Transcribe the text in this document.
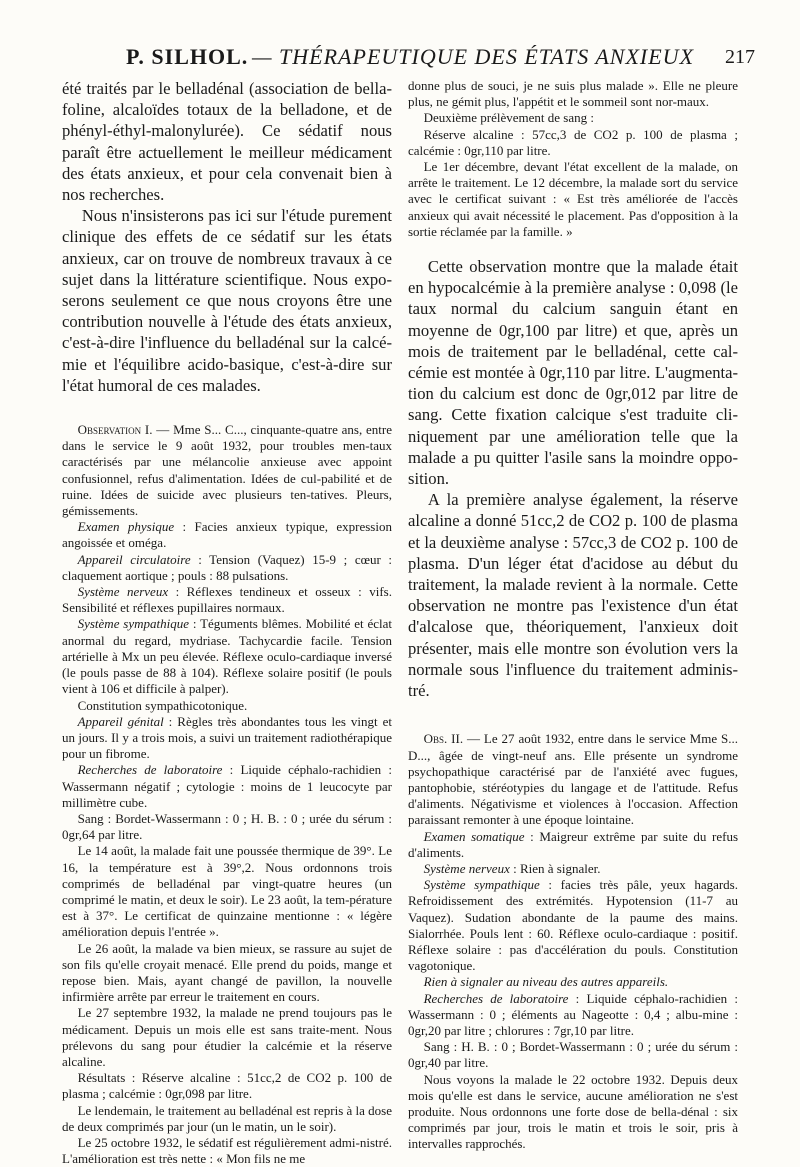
P. SILHOL. — THÉRAPEUTIQUE DES ÉTATS ANXIEUX 217

été traités par le belladénal (association de bella-foline, alcaloïdes totaux de la belladone, et de phényl-éthyl-malonylurée). Ce sédatif nous paraît être actuellement le meilleur médicament des états anxieux, et pour cela convenait bien à nos recherches.

Nous n'insisterons pas ici sur l'étude purement clinique des effets de ce sédatif sur les états anxieux, car on trouve de nombreux travaux à ce sujet dans la littérature scientifique. Nous expo-serons seulement ce que nous croyons être une contribution nouvelle à l'étude des états anxieux, c'est-à-dire l'influence du belladénal sur la calcé-mie et l'équilibre acido-basique, c'est-à-dire sur l'état humoral de ces malades.

Observation I. — Mme S... C..., cinquante-quatre ans, entre dans le service le 9 août 1932, pour troubles men-taux caractérisés par une mélancolie anxieuse avec appoint confusionnel, refus d'alimentation. Idées de cul-pabilité et de ruine. Idées de suicide avec plusieurs ten-tatives. Pleurs, gémissements.

Examen physique : Facies anxieux typique, expression angoissée et oméga.

Appareil circulatoire : Tension (Vaquez) 15-9 ; cœur : claquement aortique ; pouls : 88 pulsations.

Système nerveux : Réflexes tendineux et osseux : vifs. Sensibilité et réflexes pupillaires normaux.

Système sympathique : Téguments blêmes. Mobilité et éclat anormal du regard, mydriase. Tachycardie facile. Tension artérielle à Mx un peu élevée. Réflexe oculo-cardiaque inversé (le pouls passe de 88 à 104). Réflexe solaire positif (le pouls vient à 106 et difficile à palper).

Constitution sympathicotonique.

Appareil génital : Règles très abondantes tous les vingt et un jours. Il y a trois mois, a suivi un traitement radiothérapique pour un fibrome.

Recherches de laboratoire : Liquide céphalo-rachidien : Wassermann négatif ; cytologie : moins de 1 leucocyte par millimètre cube.

Sang : Bordet-Wassermann : 0 ; H. B. : 0 ; urée du sérum : 0gr,64 par litre.

Le 14 août, la malade fait une poussée thermique de 39°. Le 16, la température est à 39°,2. Nous ordonnons trois comprimés de belladénal par vingt-quatre heures (un comprimé le matin, et deux le soir). Le 23 août, la tem-pérature est à 37°. Le certificat de quinzaine mentionne : « légère amélioration depuis l'entrée ».

Le 26 août, la malade va bien mieux, se rassure au sujet de son fils qu'elle croyait menacé. Elle prend du poids, mange et repose bien. Mais, ayant changé de pavillon, la nouvelle infirmière arrête par erreur le traitement en cours.

Le 27 septembre 1932, la malade ne prend toujours pas le médicament. Depuis un mois elle est sans traite-ment. Nous prélevons du sang pour étudier la calcémie et la réserve alcaline.

Résultats : Réserve alcaline : 51cc,2 de CO2 p. 100 de plasma ; calcémie : 0gr,098 par litre.

Le lendemain, le traitement au belladénal est repris à la dose de deux comprimés par jour (un le matin, un le soir).

Le 25 octobre 1932, le sédatif est régulièrement admi-nistré. L'amélioration est très nette : « Mon fils ne me

donne plus de souci, je ne suis plus malade ». Elle ne pleure plus, ne gémit plus, l'appétit et le sommeil sont nor-maux.

Deuxième prélèvement de sang :

Réserve alcaline : 57cc,3 de CO2 p. 100 de plasma ; calcémie : 0gr,110 par litre.

Le 1er décembre, devant l'état excellent de la malade, on arrête le traitement. Le 12 décembre, la malade sort du service avec le certificat suivant : « Est très améliorée de l'accès anxieux qui avait nécessité le placement. Pas d'opposition à la sortie réclamée par la famille. »

Cette observation montre que la malade était en hypocalcémie à la première analyse : 0,098 (le taux normal du calcium sanguin étant en moyenne de 0gr,100 par litre) et que, après un mois de traitement par le belladénal, cette cal-cémie est montée à 0gr,110 par litre. L'augmenta-tion du calcium est donc de 0gr,012 par litre de sang. Cette fixation calcique s'est traduite cli-niquement par une amélioration telle que la malade a pu quitter l'asile sans la moindre oppo-sition.

A la première analyse également, la réserve alcaline a donné 51cc,2 de CO2 p. 100 de plasma et la deuxième analyse : 57cc,3 de CO2 p. 100 de plasma. D'un léger état d'acidose au début du traitement, la malade revient à la normale. Cette observation ne montre pas l'existence d'un état d'alcalose que, théoriquement, l'anxieux doit présenter, mais elle montre son évolution vers la normale sous l'influence du traitement adminis-tré.

Obs. II. — Le 27 août 1932, entre dans le service Mme S... D..., âgée de vingt-neuf ans. Elle présente un syndrome psychopathique caractérisé par de l'anxiété avec fugues, pantophobie, stéréotypies du langage et de l'attitude. Refus d'aliments. Négativisme et violences à l'occasion. Affection paraissant remonter à une époque lointaine.

Examen somatique : Maigreur extrême par suite du refus d'aliments.

Système nerveux : Rien à signaler.

Système sympathique : facies très pâle, yeux hagards. Refroidissement des extrémités. Hypotension (11-7 au Vaquez). Sudation abondante de la paume des mains. Sialorrhée. Pouls lent : 60. Réflexe oculo-cardiaque : positif. Réflexe solaire : pas d'accélération du pouls. Constitution vagotonique.

Rien à signaler au niveau des autres appareils.

Recherches de laboratoire : Liquide céphalo-rachidien : Wassermann : 0 ; éléments au Nageotte : 0,4 ; albu-mine : 0gr,20 par litre ; chlorures : 7gr,10 par litre.

Sang : H. B. : 0 ; Bordet-Wassermann : 0 ; urée du sérum : 0gr,40 par litre.

Nous voyons la malade le 22 octobre 1932. Depuis deux mois qu'elle est dans le service, aucune amélioration ne s'est produite. Nous ordonnons une forte dose de bella-dénal : six comprimés par jour, trois le matin et trois le soir, pris à intervalles rapprochés.
